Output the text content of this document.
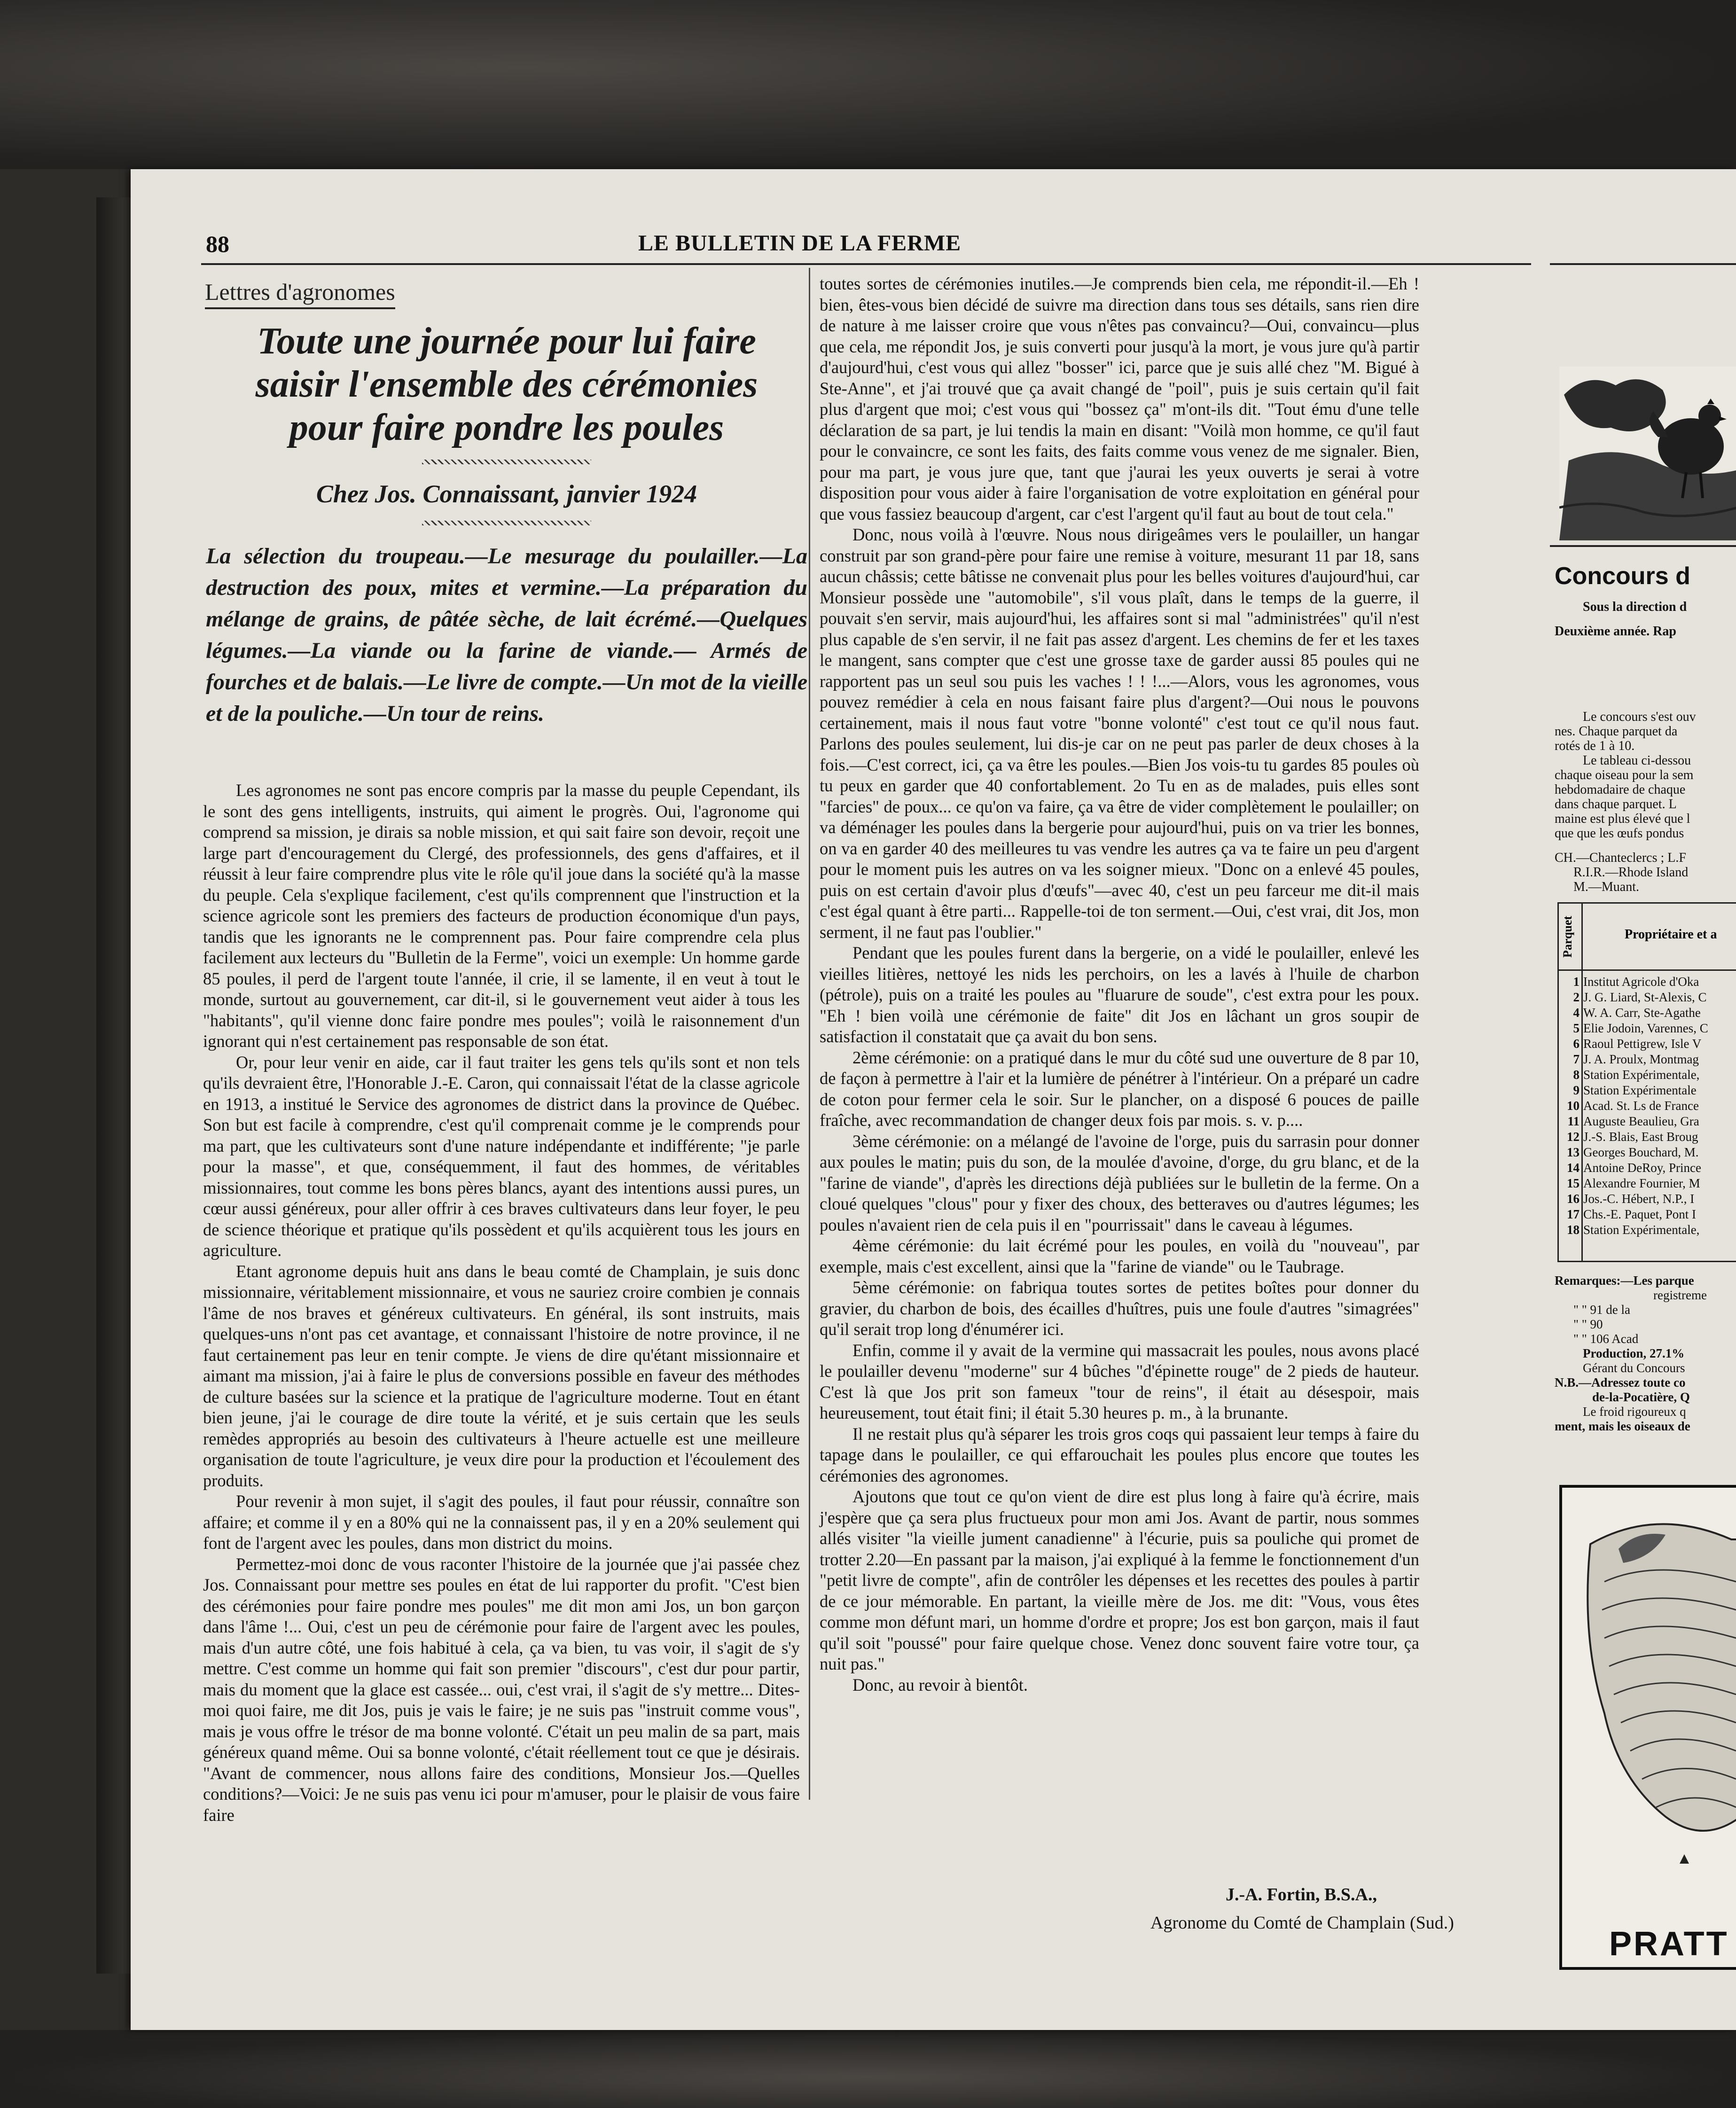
88	LE BULLETIN DE LA FERME
Lettres d'agronomes
Toute une journée pour lui faire
saisir l'ensemble des cérémonies
pour faire pondre les poules
Chez Jos. Connaissant, janvier 1924
La sélection du troupeau.—Le mesurage du poulailler.—La destruction des poux, mites et vermine.—La préparation du mélange de grains, de pâtée sèche, de lait écrémé.—Quelques légumes.—La viande ou la farine de viande.— Armés de fourches et de balais.—Le livre de compte.—Un mot de la vieille et de la pouliche.—Un tour de reins.

Les agronomes ne sont pas encore compris par la masse du peuple Cependant, ils le sont des gens intelligents, instruits, qui aiment le progrès. Oui, l'agronome qui comprend sa mission, je dirais sa noble mission, et qui sait faire son devoir, reçoit une large part d'encouragement du Clergé, des professionnels, des gens d'affaires, et il réussit à leur faire comprendre plus vite le rôle qu'il joue dans la société qu'à la masse du peuple. Cela s'explique facilement, c'est qu'ils comprennent que l'instruction et la science agricole sont les premiers des facteurs de production économique d'un pays, tandis que les ignorants ne le comprennent pas. Pour faire comprendre cela plus facilement aux lecteurs du "Bulletin de la Ferme", voici un exemple: Un homme garde 85 poules, il perd de l'argent toute l'année, il crie, il se lamente, il en veut à tout le monde, surtout au gouvernement, car dit-il, si le gouvernement veut aider à tous les "habitants", qu'il vienne donc faire pondre mes poules"; voilà le raisonnement d'un ignorant qui n'est certainement pas responsable de son état.

Or, pour leur venir en aide, car il faut traiter les gens tels qu'ils sont et non tels qu'ils devraient être, l'Honorable J.-E. Caron, qui connaissait l'état de la classe agricole en 1913, a institué le Service des agronomes de district dans la province de Québec. Son but est facile à comprendre, c'est qu'il comprenait comme je le comprends pour ma part, que les cultivateurs sont d'une nature indépendante et indifférente; "je parle pour la masse", et que, conséquemment, il faut des hommes, de véritables missionnaires, tout comme les bons pères blancs, ayant des intentions aussi pures, un cœur aussi généreux, pour aller offrir à ces braves cultivateurs dans leur foyer, le peu de science théorique et pratique qu'ils possèdent et qu'ils acquièrent tous les jours en agriculture.

Etant agronome depuis huit ans dans le beau comté de Champlain, je suis donc missionnaire, véritablement missionnaire, et vous ne sauriez croire combien je connais l'âme de nos braves et généreux cultivateurs. En général, ils sont instruits, mais quelques-uns n'ont pas cet avantage, et connaissant l'histoire de notre province, il ne faut certainement pas leur en tenir compte. Je viens de dire qu'étant missionnaire et aimant ma mission, j'ai à faire le plus de conversions possible en faveur des méthodes de culture basées sur la science et la pratique de l'agriculture moderne. Tout en étant bien jeune, j'ai le courage de dire toute la vérité, et je suis certain que les seuls remèdes appropriés au besoin des cultivateurs à l'heure actuelle est une meilleure organisation de toute l'agriculture, je veux dire pour la production et l'écoulement des produits.

Pour revenir à mon sujet, il s'agit des poules, il faut pour réussir, connaître son affaire; et comme il y en a 80% qui ne la connaissent pas, il y en a 20% seulement qui font de l'argent avec les poules, dans mon district du moins.

Permettez-moi donc de vous raconter l'histoire de la journée que j'ai passée chez Jos. Connaissant pour mettre ses poules en état de lui rapporter du profit. "C'est bien des cérémonies pour faire pondre mes poules" me dit mon ami Jos, un bon garçon dans l'âme !... Oui, c'est un peu de cérémonie pour faire de l'argent avec les poules, mais d'un autre côté, une fois habitué à cela, ça va bien, tu vas voir, il s'agit de s'y mettre. C'est comme un homme qui fait son premier "discours", c'est dur pour partir, mais du moment que la glace est cassée... oui, c'est vrai, il s'agit de s'y mettre... Dites-moi quoi faire, me dit Jos, puis je vais le faire; je ne suis pas "instruit comme vous", mais je vous offre le trésor de ma bonne volonté. C'était un peu malin de sa part, mais généreux quand même. Oui sa bonne volonté, c'était réellement tout ce que je désirais. "Avant de commencer, nous allons faire des conditions, Monsieur Jos.—Quelles conditions?—Voici: Je ne suis pas venu ici pour m'amuser, pour le plaisir de vous faire faire

toutes sortes de cérémonies inutiles.—Je comprends bien cela, me répondit-il.—Eh ! bien, êtes-vous bien décidé de suivre ma direction dans tous ses détails, sans rien dire de nature à me laisser croire que vous n'êtes pas convaincu?—Oui, convaincu—plus que cela, me répondit Jos, je suis converti pour jusqu'à la mort, je vous jure qu'à partir d'aujourd'hui, c'est vous qui allez "bosser" ici, parce que je suis allé chez "M. Bigué à Ste-Anne", et j'ai trouvé que ça avait changé de "poil", puis je suis certain qu'il fait plus d'argent que moi; c'est vous qui "bossez ça" m'ont-ils dit. "Tout ému d'une telle déclaration de sa part, je lui tendis la main en disant: "Voilà mon homme, ce qu'il faut pour le convaincre, ce sont les faits, des faits comme vous venez de me signaler. Bien, pour ma part, je vous jure que, tant que j'aurai les yeux ouverts je serai à votre disposition pour vous aider à faire l'organisation de votre exploitation en général pour que vous fassiez beaucoup d'argent, car c'est l'argent qu'il faut au bout de tout cela."

Donc, nous voilà à l'œuvre. Nous nous dirigeâmes vers le poulailler, un hangar construit par son grand-père pour faire une remise à voiture, mesurant 11 par 18, sans aucun châssis; cette bâtisse ne convenait plus pour les belles voitures d'aujourd'hui, car Monsieur possède une "automobile", s'il vous plaît, dans le temps de la guerre, il pouvait s'en servir, mais aujourd'hui, les affaires sont si mal "administrées" qu'il n'est plus capable de s'en servir, il ne fait pas assez d'argent. Les chemins de fer et les taxes le mangent, sans compter que c'est une grosse taxe de garder aussi 85 poules qui ne rapportent pas un seul sou puis les vaches ! ! !...—Alors, vous les agronomes, vous pouvez remédier à cela en nous faisant faire plus d'argent?—Oui nous le pouvons certainement, mais il nous faut votre "bonne volonté" c'est tout ce qu'il nous faut. Parlons des poules seulement, lui dis-je car on ne peut pas parler de deux choses à la fois.—C'est correct, ici, ça va être les poules.—Bien Jos vois-tu tu gardes 85 poules où tu peux en garder que 40 confortablement. 2o Tu en as de malades, puis elles sont "farcies" de poux... ce qu'on va faire, ça va être de vider complètement le poulailler; on va déménager les poules dans la bergerie pour aujourd'hui, puis on va trier les bonnes, on va en garder 40 des meilleures tu vas vendre les autres ça va te faire un peu d'argent pour le moment puis les autres on va les soigner mieux. "Donc on a enlevé 45 poules, puis on est certain d'avoir plus d'œufs"—avec 40, c'est un peu farceur me dit-il mais c'est égal quant à être parti... Rappelle-toi de ton serment.—Oui, c'est vrai, dit Jos, mon serment, il ne faut pas l'oublier."

Pendant que les poules furent dans la bergerie, on a vidé le poulailler, enlevé les vieilles litières, nettoyé les nids les perchoirs, on les a lavés à l'huile de charbon (pétrole), puis on a traité les poules au "fluarure de soude", c'est extra pour les poux. "Eh ! bien voilà une cérémonie de faite" dit Jos en lâchant un gros soupir de satisfaction il constatait que ça avait du bon sens.

2ème cérémonie: on a pratiqué dans le mur du côté sud une ouverture de 8 par 10, de façon à permettre à l'air et la lumière de pénétrer à l'intérieur. On a préparé un cadre de coton pour fermer cela le soir. Sur le plancher, on a disposé 6 pouces de paille fraîche, avec recommandation de changer deux fois par mois. s. v. p....

3ème cérémonie: on a mélangé de l'avoine de l'orge, puis du sarrasin pour donner aux poules le matin; puis du son, de la moulée d'avoine, d'orge, du gru blanc, et de la "farine de viande", d'après les directions déjà publiées sur le bulletin de la ferme. On a cloué quelques "clous" pour y fixer des choux, des betteraves ou d'autres légumes; les poules n'avaient rien de cela puis il en "pourrissait" dans le caveau à légumes.

4ème cérémonie: du lait écrémé pour les poules, en voilà du "nouveau", par exemple, mais c'est excellent, ainsi que la "farine de viande" ou le Taubrage.

5ème cérémonie: on fabriqua toutes sortes de petites boîtes pour donner du gravier, du charbon de bois, des écailles d'huîtres, puis une foule d'autres "simagrées" qu'il serait trop long d'énumérer ici.

Enfin, comme il y avait de la vermine qui massacrait les poules, nous avons placé le poulailler devenu "moderne" sur 4 bûches "d'épinette rouge" de 2 pieds de hauteur. C'est là que Jos prit son fameux "tour de reins", il était au désespoir, mais heureusement, tout était fini; il était 5.30 heures p. m., à la brunante.

Il ne restait plus qu'à séparer les trois gros coqs qui passaient leur temps à faire du tapage dans le poulailler, ce qui effarouchait les poules plus encore que toutes les cérémonies des agronomes.

Ajoutons que tout ce qu'on vient de dire est plus long à faire qu'à écrire, mais j'espère que ça sera plus fructueux pour mon ami Jos. Avant de partir, nous sommes allés visiter "la vieille jument canadienne" à l'écurie, puis sa pouliche qui promet de trotter 2.20—En passant par la maison, j'ai expliqué à la femme le fonctionnement d'un "petit livre de compte", afin de contrôler les dépenses et les recettes des poules à partir de ce jour mémorable. En partant, la vieille mère de Jos. me dit: "Vous, vous êtes comme mon défunt mari, un homme d'ordre et propre; Jos est bon garçon, mais il faut qu'il soit "poussé" pour faire quelque chose. Venez donc souvent faire votre tour, ça nuit pas."

Donc, au revoir à bientôt.

J.-A. Fortin, B.S.A.,
Agronome du Comté de Champlain (Sud.)
Concours d
Sous la direction d
Deuxième année. Rap
Le concours s'est ouv
nes. Chaque parquet da
rotés de 1 à 10.
Le tableau ci-dessou
chaque oiseau pour la sem
hebdomadaire de chaque
dans chaque parquet. L
maine est plus élevé que l
que que les œufs pondus
CH.—Chanteclercs ; L.F
R.I.R.—Rhode Island
M.—Muant.
Parquet	Propriétaire et a
1 Institut Agricole d'Oka
2 J. G. Liard, St-Alexis, C
4 W. A. Carr, Ste-Agathe
5 Elie Jodoin, Varennes, C
6 Raoul Pettigrew, Isle V
7 J. A. Proulx, Montmag
8 Station Expérimentale,
9 Station Expérimentale
10 Acad. St. Ls de France
11 Auguste Beaulieu, Gra
12 J.-S. Blais, East Broug
13 Georges Bouchard, M.
14 Antoine DeRoy, Prince
15 Alexandre Fournier, M
16 Jos.-C. Hébert, N.P., I
17 Chs.-E. Paquet, Pont I
18 Station Expérimentale,
Remarques:—Les parque
registreme
" " 91 de la
" " 90
" " 106 Acad
Production, 27.1%
Gérant du Concours
N.B.—Adressez toute co
de-la-Pocatière, Q
Le froid rigoureux q
ment, mais les oiseaux de
PRATT
